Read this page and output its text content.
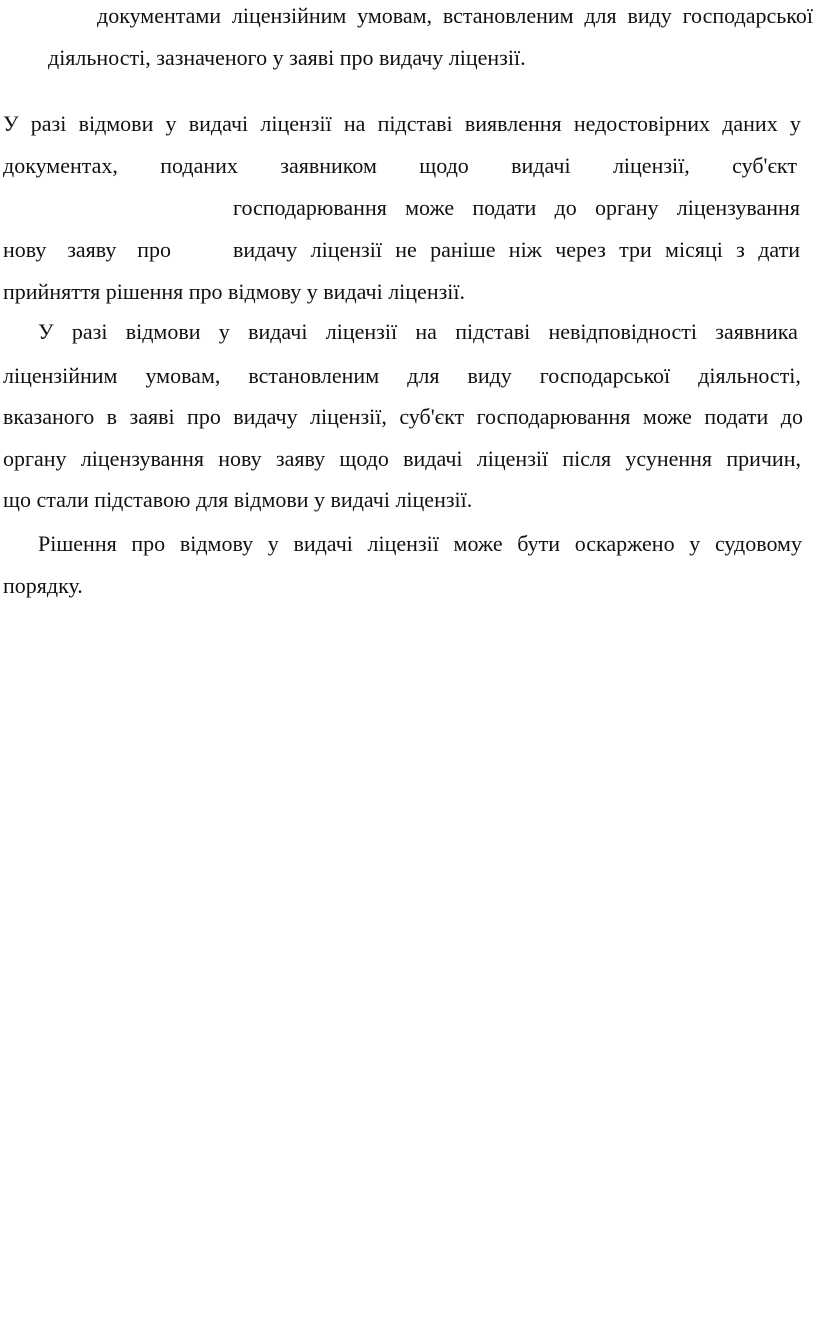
документами ліцензійним умовам, встановленим для виду господарської
діяльності, зазначеного у заяві про видачу ліцензії.
У разі відмови у видачі ліцензії на підставі виявлення недостовірних даних у
документах, поданих заявником щодо видачі ліцензії, суб'єкт
господарювання може подати до органу ліцензування
нову заяву про	видачу ліцензії не раніше ніж через три місяці з дати
прийняття рішення про відмову у видачі ліцензії.
У разі відмови у видачі ліцензії на підставі невідповідності заявника
ліцензійним умовам, встановленим для виду господарської діяльності,
вказаного в заяві про видачу ліцензії, суб'єкт господарювання може подати до
органу ліцензування нову заяву щодо видачі ліцензії після усунення причин,
що стали підставою для відмови у видачі ліцензії.
Рішення про відмову у видачі ліцензії може бути оскаржено у судовому
порядку.
